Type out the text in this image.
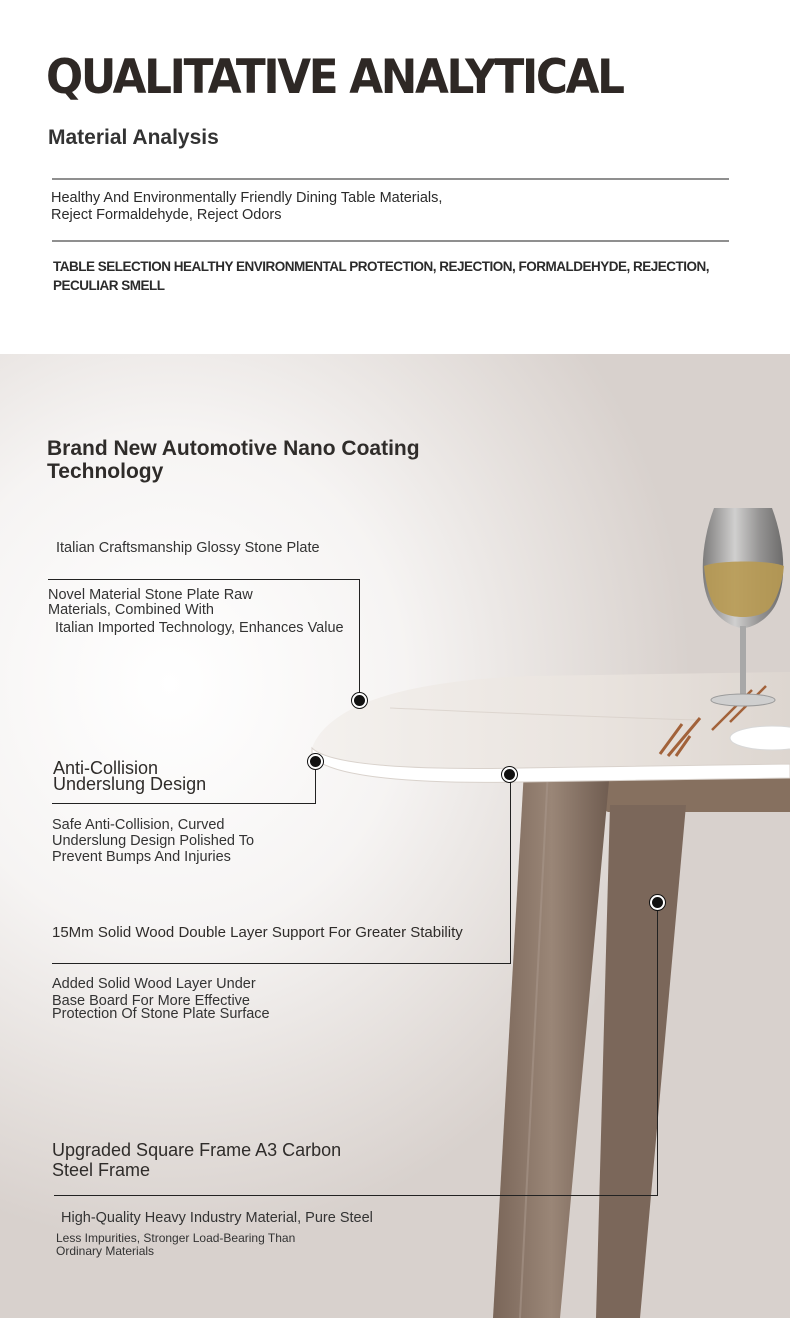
QUALITATIVE ANALYTICAL
Material Analysis

Healthy And Environmentally Friendly Dining Table Materials,
Reject Formaldehyde, Reject Odors

TABLE SELECTION HEALTHY ENVIRONMENTAL PROTECTION, REJECTION, FORMALDEHYDE, REJECTION, PECULIAR SMELL

Brand New Automotive Nano Coating
Technology
Italian Craftsmanship Glossy Stone Plate
Novel Material Stone Plate Raw
Materials, Combined With
Italian Imported Technology, Enhances Value
Anti-Collision
Underslung Design
Safe Anti-Collision, Curved
Underslung Design Polished To
Prevent Bumps And Injuries
15Mm Solid Wood Double Layer Support For Greater Stability
Added Solid Wood Layer Under
Base Board For More Effective
Protection Of Stone Plate Surface
Upgraded Square Frame A3 Carbon
Steel Frame
High-Quality Heavy Industry Material, Pure Steel
Less Impurities, Stronger Load-Bearing Than
Ordinary Materials
